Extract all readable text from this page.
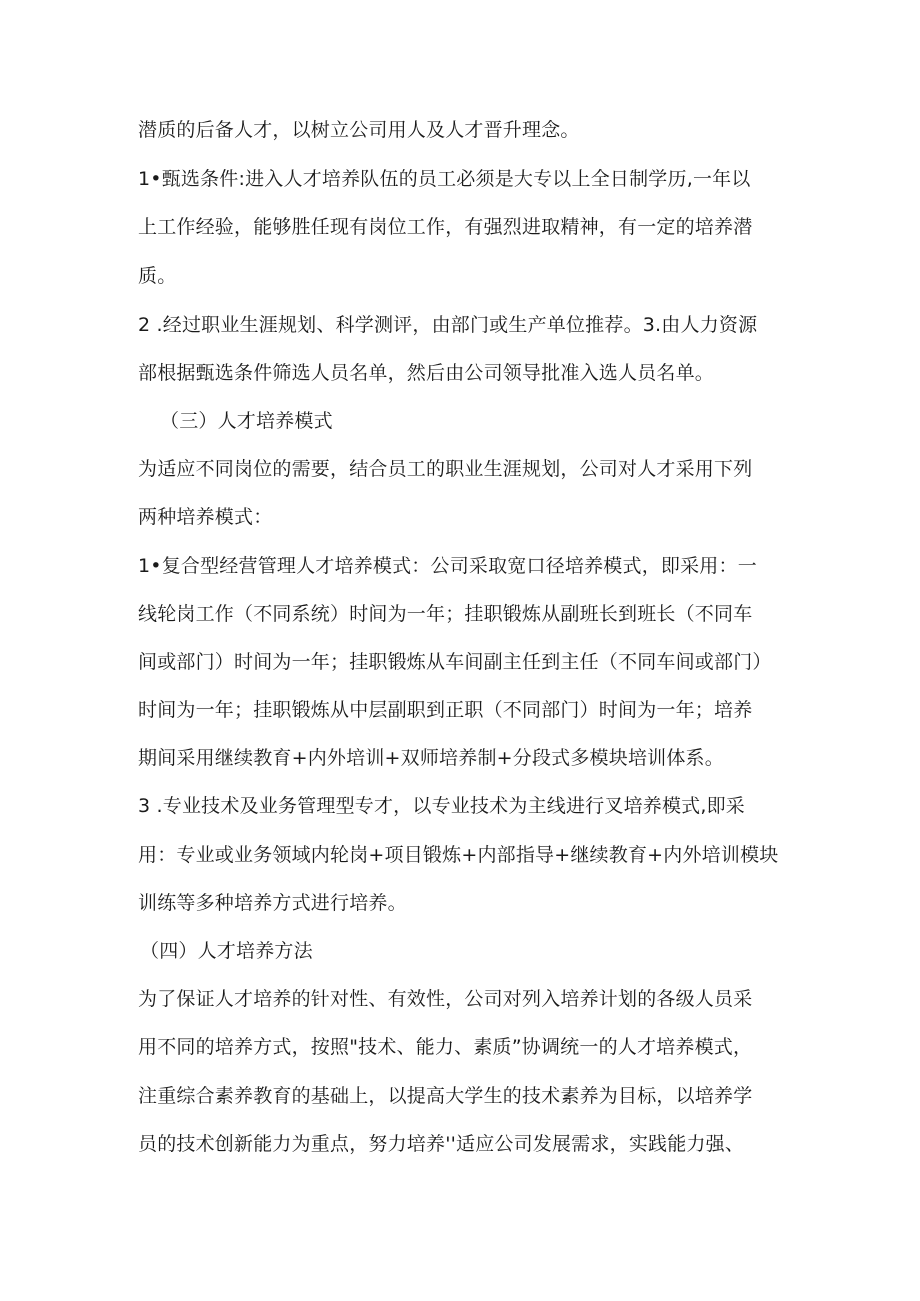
潜质的后备人才，以树立公司用人及人才晋升理念。
1•甄选条件:进入人才培养队伍的员工必须是大专以上全日制学历,一年以
上工作经验，能够胜任现有岗位工作，有强烈进取精神，有一定的培养潜
质。
2 .经过职业生涯规划、科学测评，由部门或生产单位推荐。3.由人力资源
部根据甄选条件筛选人员名单，然后由公司领导批准入选人员名单。
（三）人才培养模式
为适应不同岗位的需要，结合员工的职业生涯规划，公司对人才采用下列
两种培养模式：
1•复合型经营管理人才培养模式：公司采取宽口径培养模式，即采用：一
线轮岗工作（不同系统）时间为一年；挂职锻炼从副班长到班长（不同车
间或部门）时间为一年；挂职锻炼从车间副主任到主任（不同车间或部门）
时间为一年；挂职锻炼从中层副职到正职（不同部门）时间为一年；培养
期间采用继续教育+内外培训+双师培养制+分段式多模块培训体系。
3 .专业技术及业务管理型专才，以专业技术为主线进行叉培养模式,即采
用：专业或业务领域内轮岗+项目锻炼+内部指导+继续教育+内外培训模块
训练等多种培养方式进行培养。
（四）人才培养方法
为了保证人才培养的针对性、有效性，公司对列入培养计划的各级人员采
用不同的培养方式，按照"技术、能力、素质”协调统一的人才培养模式，
注重综合素养教育的基础上，以提高大学生的技术素养为目标，以培养学
员的技术创新能力为重点，努力培养''适应公司发展需求，实践能力强、
